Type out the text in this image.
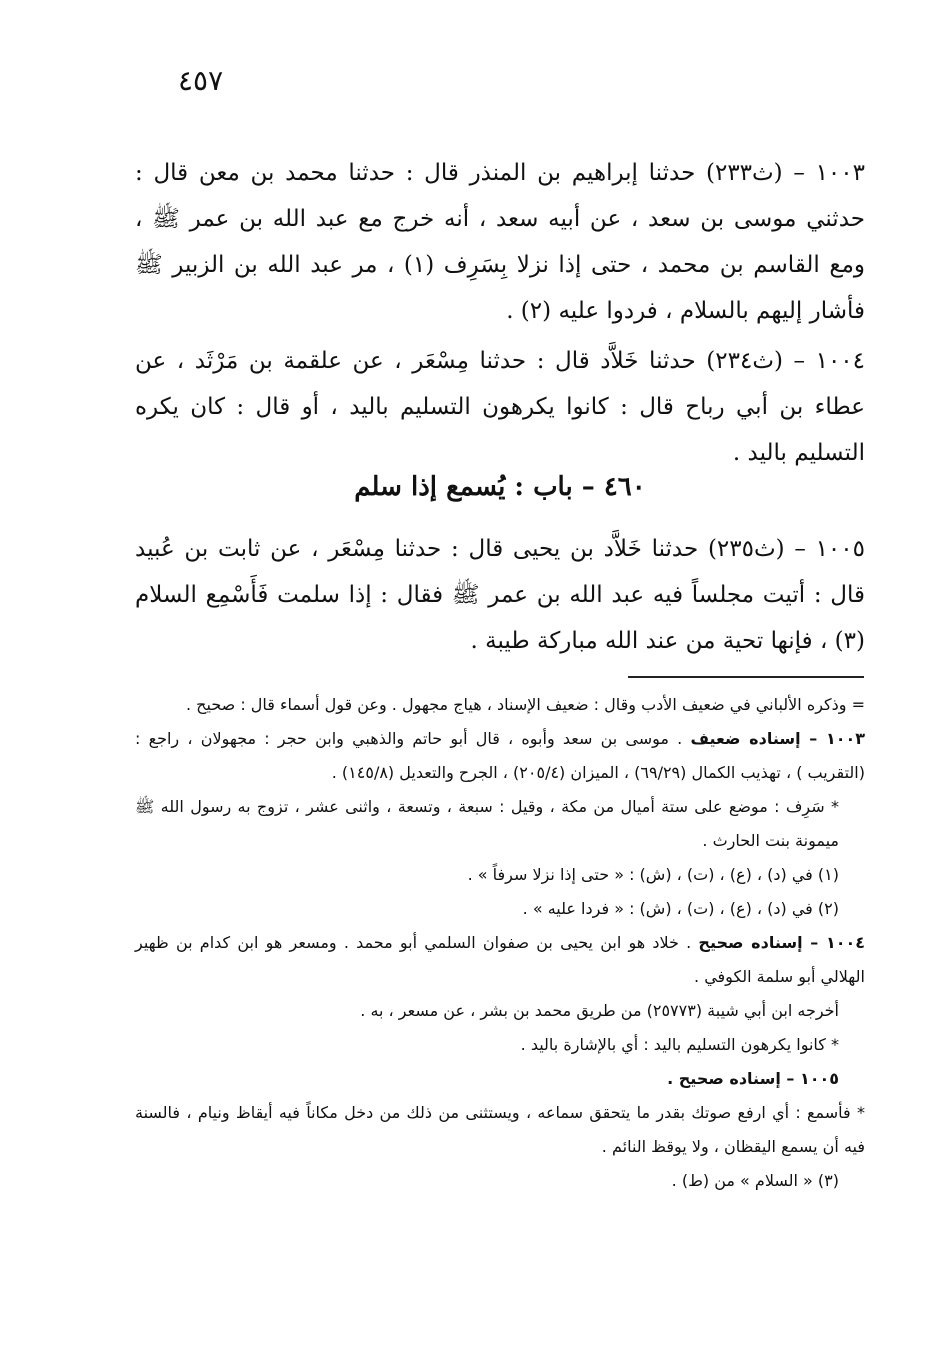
٤٥٧

١٠٠٣ – (ث٢٣٣) حدثنا إبراهيم بن المنذر قال : حدثنا محمد بن معن قال : حدثني موسى بن سعد ، عن أبيه سعد ، أنه خرج مع عبد الله بن عمر ﷺ ، ومع القاسم بن محمد ، حتى إذا نزلا بِسَرِف (١) ، مر عبد الله بن الزبير ﷺ فأشار إليهم بالسلام ، فردوا عليه (٢) .

١٠٠٤ – (ث٢٣٤) حدثنا خَلاَّد قال : حدثنا مِسْعَر ، عن علقمة بن مَرْثَد ، عن عطاء بن أبي رباح قال : كانوا يكرهون التسليم باليد ، أو قال : كان يكره التسليم باليد .

٤٦٠ – باب : يُسمع إذا سلم

١٠٠٥ – (ث٢٣٥) حدثنا خَلاَّد بن يحيى قال : حدثنا مِسْعَر ، عن ثابت بن عُبيد قال : أتيت مجلساً فيه عبد الله بن عمر ﷺ فقال : إذا سلمت فَأَسْمِع السلام (٣) ، فإنها تحية من عند الله مباركة طيبة .

= وذكره الألباني في ضعيف الأدب وقال : ضعيف الإسناد ، هياج مجهول . وعن قول أسماء قال : صحيح .

١٠٠٣ – إسناده ضعيف . موسى بن سعد وأبوه ، قال أبو حاتم والذهبي وابن حجر : مجهولان ، راجع : (التقريب ) ، تهذيب الكمال (٦٩/٢٩) ، الميزان (٢٠٥/٤) ، الجرح والتعديل (١٤٥/٨) .

* سَرِف : موضع على ستة أميال من مكة ، وقيل : سبعة ، وتسعة ، واثنى عشر ، تزوج به رسول الله ﷺ ميمونة بنت الحارث .

(١) في (د) ، (ع) ، (ت) ، (ش) : « حتى إذا نزلا سرفاً » .

(٢) في (د) ، (ع) ، (ت) ، (ش) : « فردا عليه » .

١٠٠٤ – إسناده صحيح . خلاد هو ابن يحيى بن صفوان السلمي أبو محمد . ومسعر هو ابن كدام بن ظهير الهلالي أبو سلمة الكوفي .

أخرجه ابن أبي شيبة (٢٥٧٧٣) من طريق محمد بن بشر ، عن مسعر ، به .

* كانوا يكرهون التسليم باليد : أي بالإشارة باليد .

١٠٠٥ – إسناده صحيح .

* فأسمع : أي ارفع صوتك بقدر ما يتحقق سماعه ، ويستثنى من ذلك من دخل مكاناً فيه أيقاظ ونيام ، فالسنة فيه أن يسمع اليقظان ، ولا يوقظ النائم .

(٣) « السلام » من (ط) .
